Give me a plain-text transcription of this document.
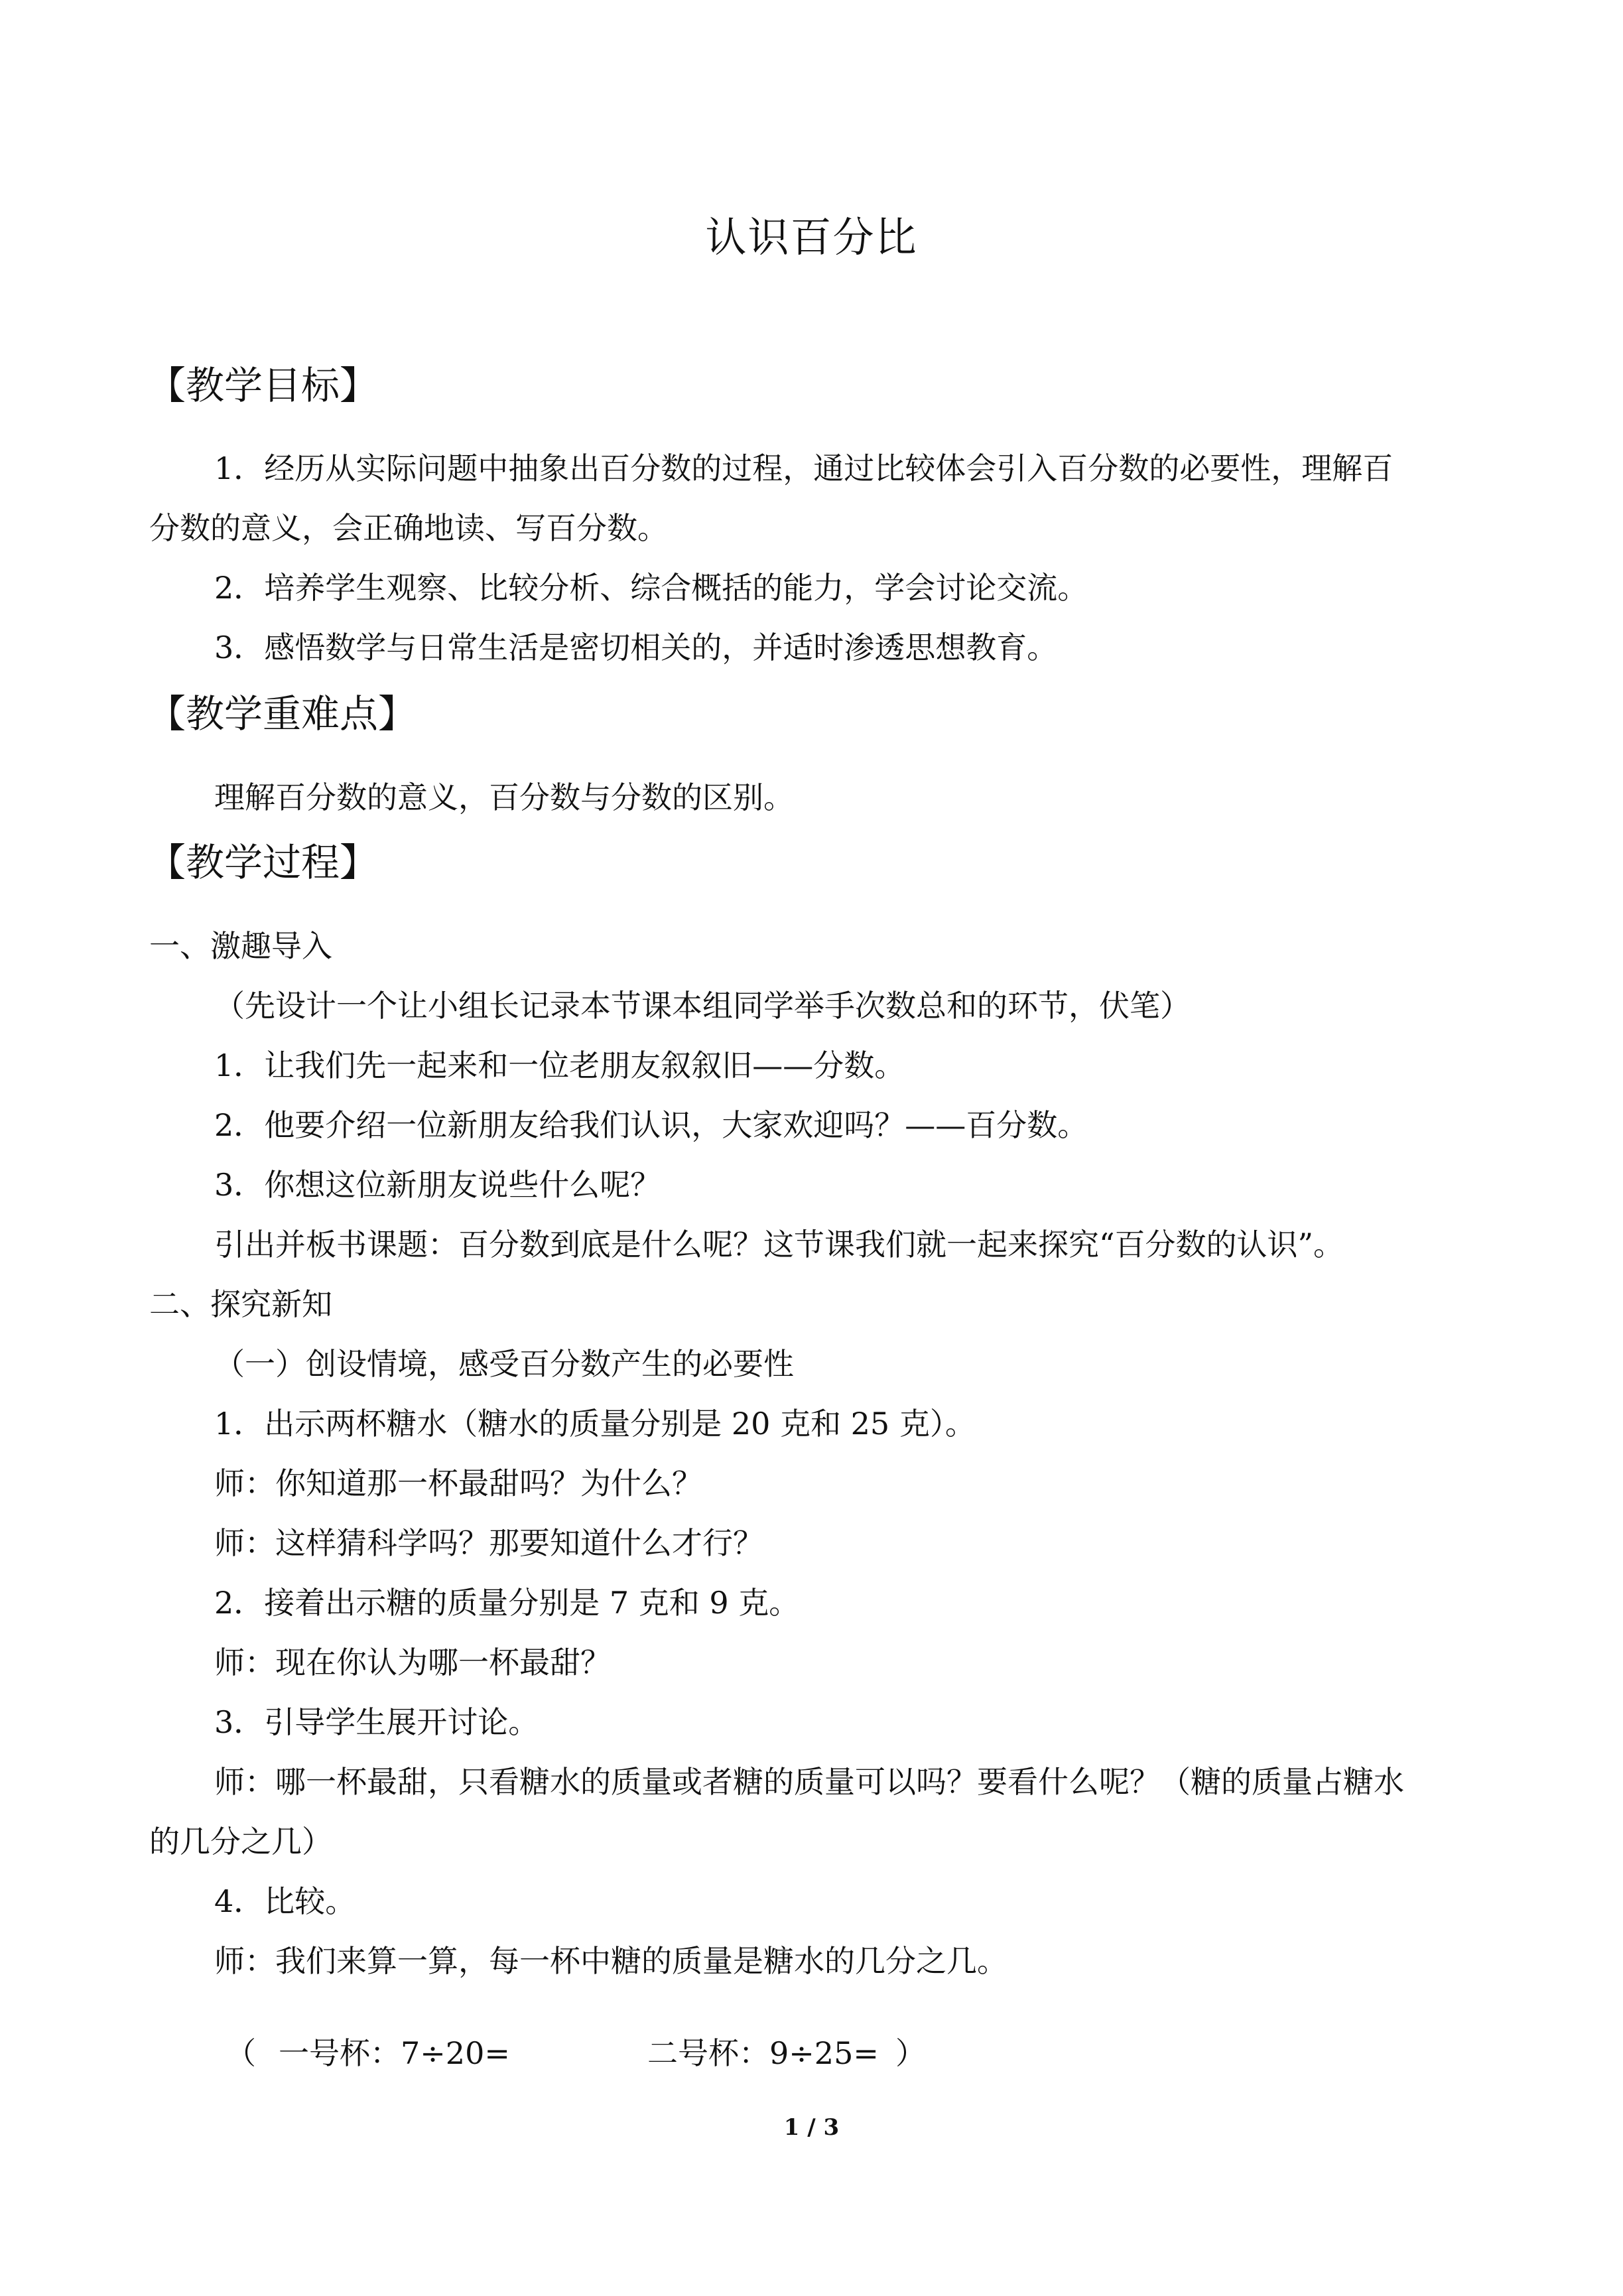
认识百分比
【教学目标】
1．经历从实际问题中抽象出百分数的过程，通过比较体会引入百分数的必要性，理解百
分数的意义，会正确地读、写百分数。
2．培养学生观察、比较分析、综合概括的能力，学会讨论交流。
3．感悟数学与日常生活是密切相关的，并适时渗透思想教育。
【教学重难点】
理解百分数的意义，百分数与分数的区别。
【教学过程】
一、激趣导入
（先设计一个让小组长记录本节课本组同学举手次数总和的环节，伏笔）
1．让我们先一起来和一位老朋友叙叙旧——分数。
2．他要介绍一位新朋友给我们认识，大家欢迎吗？——百分数。
3．你想这位新朋友说些什么呢？
引出并板书课题：百分数到底是什么呢？这节课我们就一起来探究“百分数的认识”。
二、探究新知
（一）创设情境，感受百分数产生的必要性
1．出示两杯糖水（糖水的质量分别是 20 克和 25 克）。
师：你知道那一杯最甜吗？为什么？
师：这样猜科学吗？那要知道什么才行？
2．接着出示糖的质量分别是 7 克和 9 克。
师：现在你认为哪一杯最甜？
3．引导学生展开讨论。
师：哪一杯最甜，只看糖水的质量或者糖的质量可以吗？要看什么呢？（糖的质量占糖水
的几分之几）
4．比较。
师：我们来算一算，每一杯中糖的质量是糖水的几分之几。
（ 一号杯：7÷20=	二号杯：9÷25= ）
1 / 3
